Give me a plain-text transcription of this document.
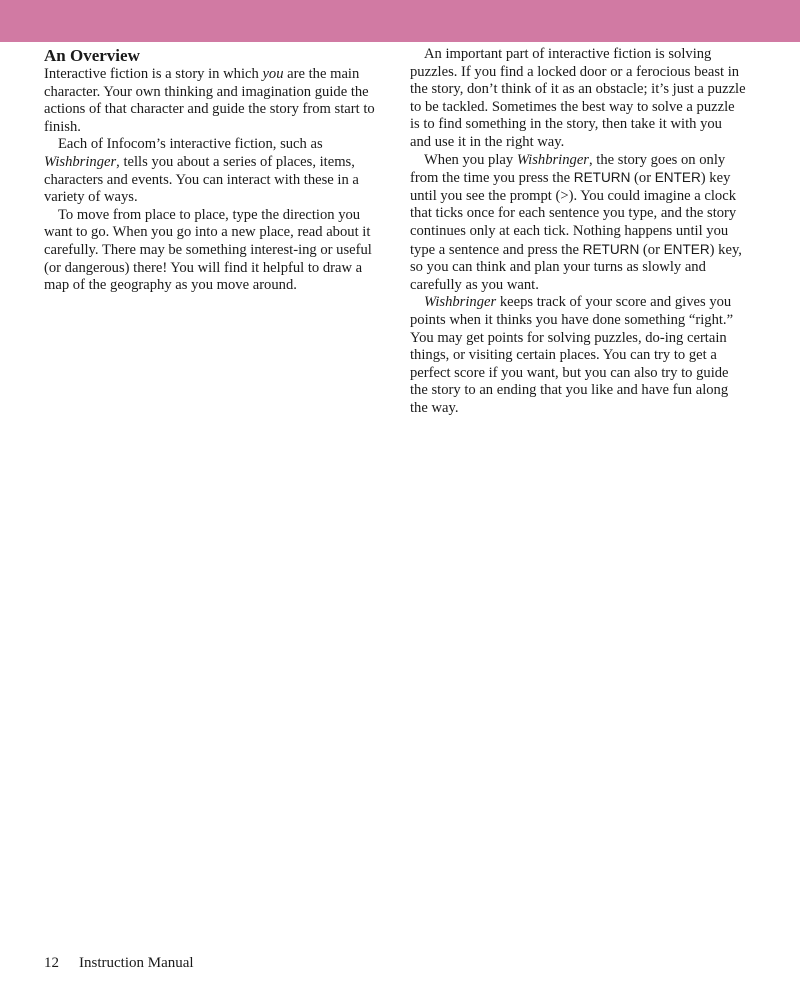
An Overview

Interactive fiction is a story in which you are the main character. Your own thinking and imagination guide the actions of that character and guide the story from start to finish.

Each of Infocom’s interactive fiction, such as Wishbringer, tells you about a series of places, items, characters and events. You can interact with these in a variety of ways.

To move from place to place, type the direction you want to go. When you go into a new place, read about it carefully. There may be something interest-ing or useful (or dangerous) there! You will find it helpful to draw a map of the geography as you move around.

An important part of interactive fiction is solving puzzles. If you find a locked door or a ferocious beast in the story, don’t think of it as an obstacle; it’s just a puzzle to be tackled. Sometimes the best way to solve a puzzle is to find something in the story, then take it with you and use it in the right way.

When you play Wishbringer, the story goes on only from the time you press the RETURN (or ENTER) key until you see the prompt (>). You could imagine a clock that ticks once for each sentence you type, and the story continues only at each tick. Nothing happens until you type a sentence and press the RETURN (or ENTER) key, so you can think and plan your turns as slowly and carefully as you want.

Wishbringer keeps track of your score and gives you points when it thinks you have done something “right.” You may get points for solving puzzles, do-ing certain things, or visiting certain places. You can try to get a perfect score if you want, but you can also try to guide the story to an ending that you like and have fun along the way.

12 Instruction Manual
